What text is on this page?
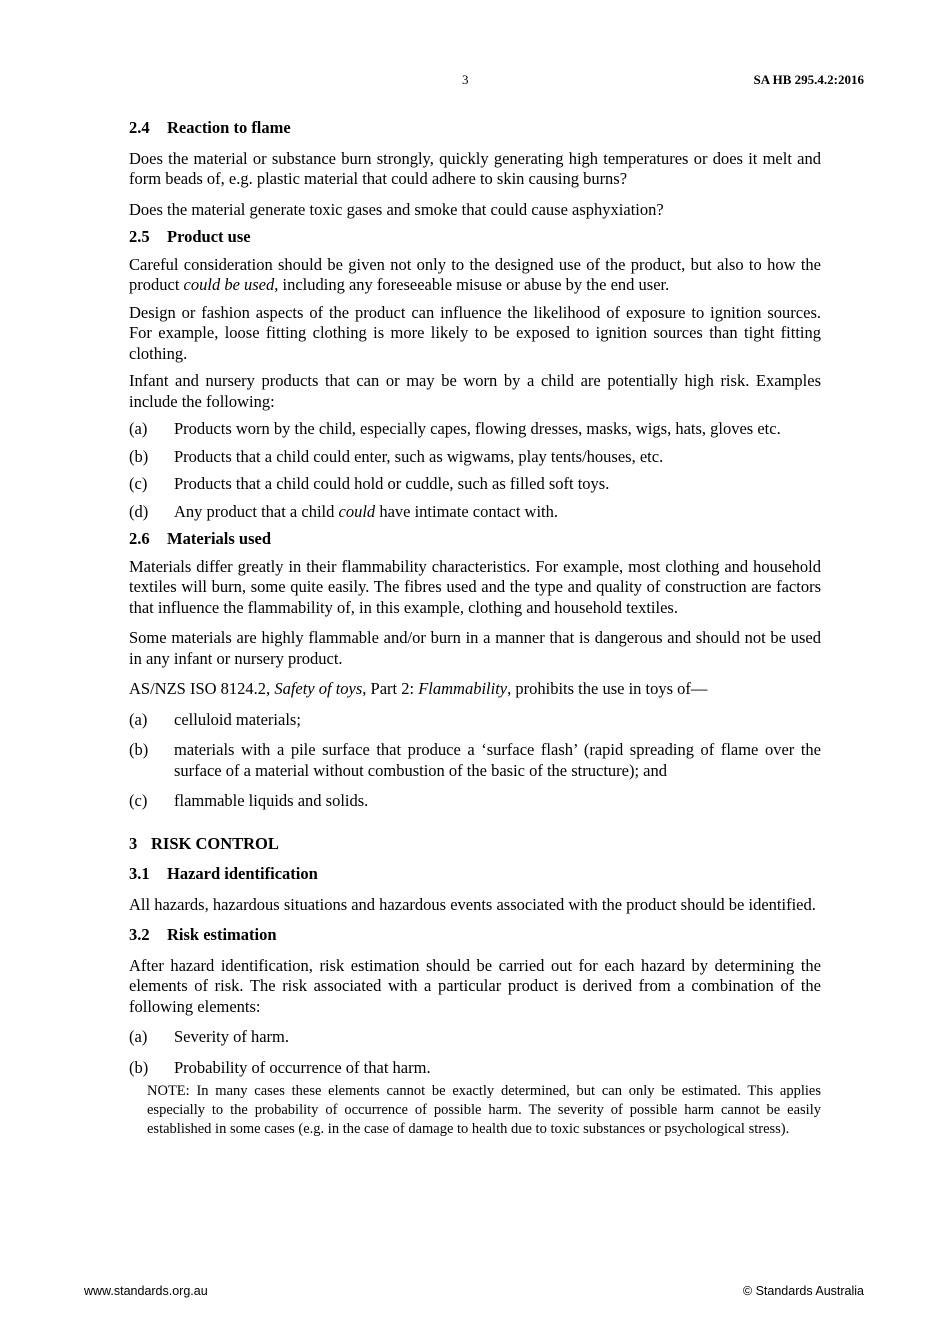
3	SA HB 295.4.2:2016
2.4 Reaction to flame

Does the material or substance burn strongly, quickly generating high temperatures or does it melt and form beads of, e.g. plastic material that could adhere to skin causing burns?

Does the material generate toxic gases and smoke that could cause asphyxiation?

2.5 Product use

Careful consideration should be given not only to the designed use of the product, but also to how the product could be used, including any foreseeable misuse or abuse by the end user.

Design or fashion aspects of the product can influence the likelihood of exposure to ignition sources. For example, loose fitting clothing is more likely to be exposed to ignition sources than tight fitting clothing.

Infant and nursery products that can or may be worn by a child are potentially high risk. Examples include the following:

(a)	Products worn by the child, especially capes, flowing dresses, masks, wigs, hats, gloves etc.
(b)	Products that a child could enter, such as wigwams, play tents/houses, etc.
(c)	Products that a child could hold or cuddle, such as filled soft toys.
(d)	Any product that a child could have intimate contact with.
2.6 Materials used

Materials differ greatly in their flammability characteristics. For example, most clothing and household textiles will burn, some quite easily. The fibres used and the type and quality of construction are factors that influence the flammability of, in this example, clothing and household textiles.

Some materials are highly flammable and/or burn in a manner that is dangerous and should not be used in any infant or nursery product.

AS/NZS ISO 8124.2, Safety of toys, Part 2: Flammability, prohibits the use in toys of—

(a)	celluloid materials;
(b)	materials with a pile surface that produce a ‘surface flash’ (rapid spreading of flame over the surface of a material without combustion of the basic of the structure); and
(c)	flammable liquids and solids.
3 RISK CONTROL
3.1 Hazard identification

All hazards, hazardous situations and hazardous events associated with the product should be identified.

3.2 Risk estimation

After hazard identification, risk estimation should be carried out for each hazard by determining the elements of risk. The risk associated with a particular product is derived from a combination of the following elements:

(a)	Severity of harm.
(b)	Probability of occurrence of that harm.

NOTE: In many cases these elements cannot be exactly determined, but can only be estimated. This applies especially to the probability of occurrence of possible harm. The severity of possible harm cannot be easily established in some cases (e.g. in the case of damage to health due to toxic substances or psychological stress).

www.standards.org.au	© Standards Australia
